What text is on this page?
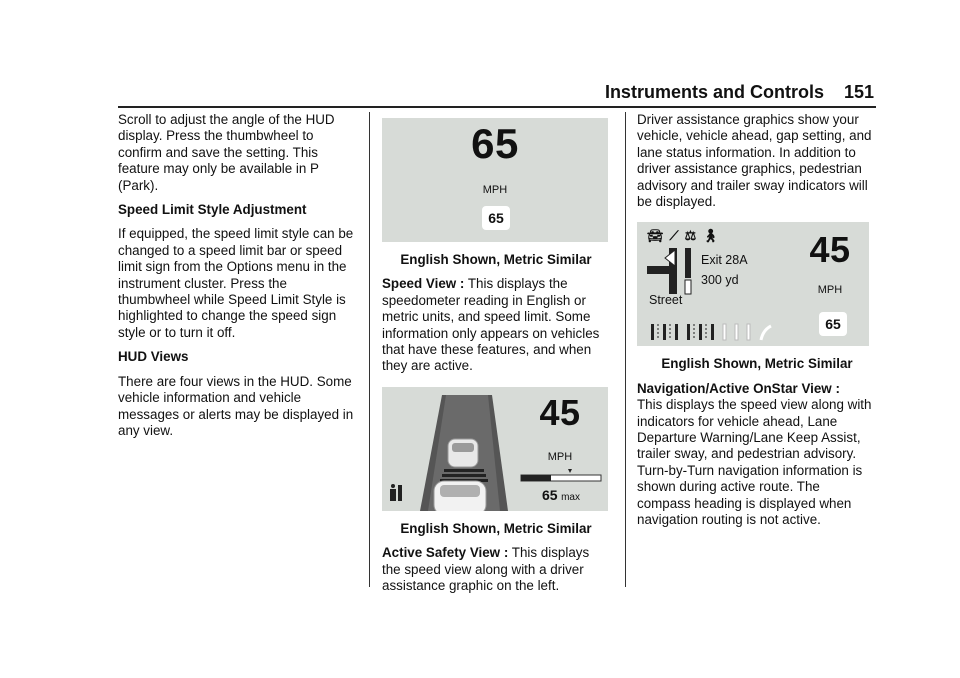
Instruments and Controls 151

Scroll to adjust the angle of the HUD display. Press the thumbwheel to confirm and save the setting. This feature may only be available in P (Park).

Speed Limit Style Adjustment

If equipped, the speed limit style can be changed to a speed limit bar or speed limit sign from the Options menu in the instrument cluster. Press the thumbwheel while Speed Limit Style is highlighted to change the speed sign style or to turn it off.

HUD Views

There are four views in the HUD. Some vehicle information and vehicle messages or alerts may be displayed in any view.

65
MPH
65
English Shown, Metric Similar

Speed View : This displays the speedometer reading in English or metric units, and speed limit. Some information only appears on vehicles that have these features, and when they are active.

45
MPH
65 max
English Shown, Metric Similar

Active Safety View : This displays the speed view along with a driver assistance graphic on the left.

Driver assistance graphics show your vehicle, vehicle ahead, gap setting, and lane status information. In addition to driver assistance graphics, pedestrian advisory and trailer sway indicators will be displayed.

🚘︎ ⟋ ⚖︎ 🚶︎
Exit 28A
300 yd
Street
45
MPH
65
English Shown, Metric Similar

Navigation/Active OnStar View :
This displays the speed view along with indicators for vehicle ahead, Lane Departure Warning/Lane Keep Assist, trailer sway, and pedestrian advisory. Turn-by-Turn navigation information is shown during active route. The compass heading is displayed when navigation routing is not active.
